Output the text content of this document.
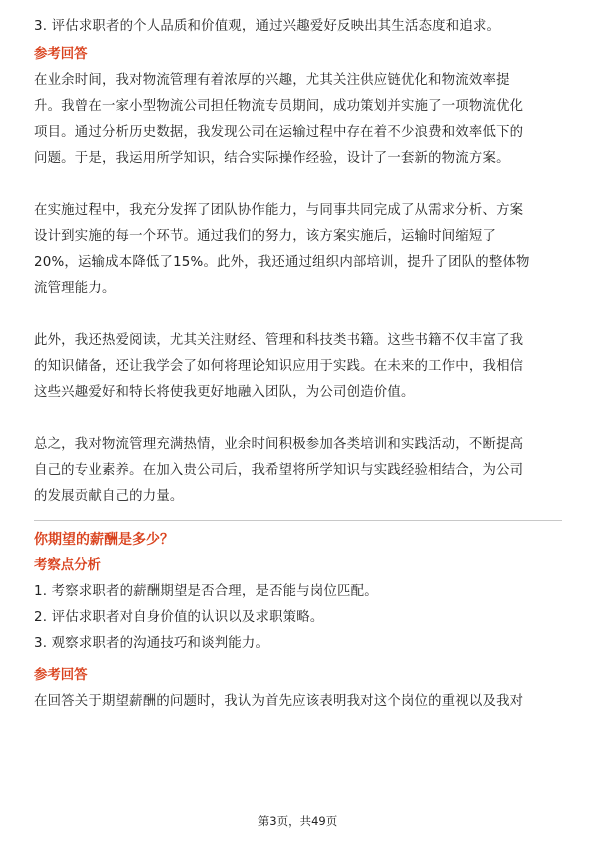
3. 评估求职者的个人品质和价值观，通过兴趣爱好反映出其生活态度和追求。
参考回答
在业余时间，我对物流管理有着浓厚的兴趣，尤其关注供应链优化和物流效率提
升。我曾在一家小型物流公司担任物流专员期间，成功策划并实施了一项物流优化
项目。通过分析历史数据，我发现公司在运输过程中存在着不少浪费和效率低下的
问题。于是，我运用所学知识，结合实际操作经验，设计了一套新的物流方案。
在实施过程中，我充分发挥了团队协作能力，与同事共同完成了从需求分析、方案
设计到实施的每一个环节。通过我们的努力，该方案实施后，运输时间缩短了
20%，运输成本降低了15%。此外，我还通过组织内部培训，提升了团队的整体物
流管理能力。
此外，我还热爱阅读，尤其关注财经、管理和科技类书籍。这些书籍不仅丰富了我
的知识储备，还让我学会了如何将理论知识应用于实践。在未来的工作中，我相信
这些兴趣爱好和特长将使我更好地融入团队，为公司创造价值。
总之，我对物流管理充满热情，业余时间积极参加各类培训和实践活动，不断提高
自己的专业素养。在加入贵公司后，我希望将所学知识与实践经验相结合，为公司
的发展贡献自己的力量。
你期望的薪酬是多少？
考察点分析
1. 考察求职者的薪酬期望是否合理，是否能与岗位匹配。
2. 评估求职者对自身价值的认识以及求职策略。
3. 观察求职者的沟通技巧和谈判能力。
参考回答
在回答关于期望薪酬的问题时，我认为首先应该表明我对这个岗位的重视以及我对
第3页，共49页
